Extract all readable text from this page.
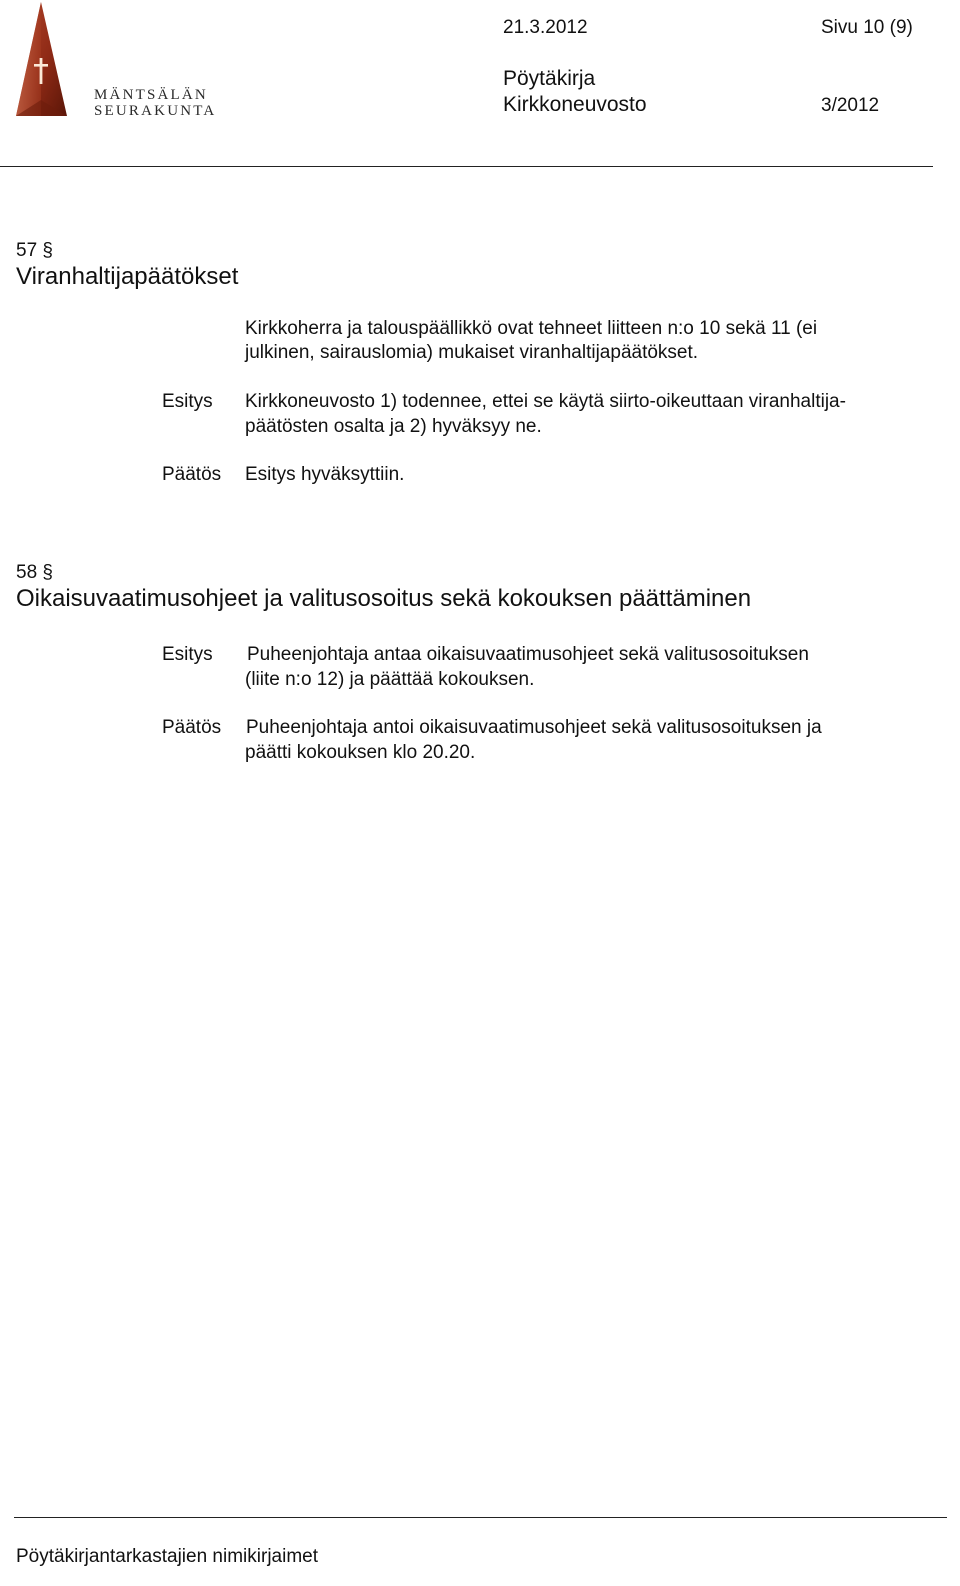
MÄNTSÄLÄN
SEURAKUNTA
21.3.2012	Sivu 10 (9)
Pöytäkirja
Kirkkoneuvosto	3/2012
57 §
Viranhaltijapäätökset
Kirkkoherra ja talouspäällikkö ovat tehneet liitteen n:o 10 sekä 11 (ei
julkinen, sairauslomia) mukaiset viranhaltijapäätökset.
Esitys Kirkkoneuvosto 1) todennee, ettei se käytä siirto-oikeuttaan viranhaltija-
päätösten osalta ja 2) hyväksyy ne.
Päätös Esitys hyväksyttiin.
58 §
Oikaisuvaatimusohjeet ja valitusosoitus sekä kokouksen päättäminen
Esitys Puheenjohtaja antaa oikaisuvaatimusohjeet sekä valitusosoituksen
(liite n:o 12) ja päättää kokouksen.
Päätös Puheenjohtaja antoi oikaisuvaatimusohjeet sekä valitusosoituksen ja
päätti kokouksen klo 20.20.
Pöytäkirjantarkastajien nimikirjaimet
